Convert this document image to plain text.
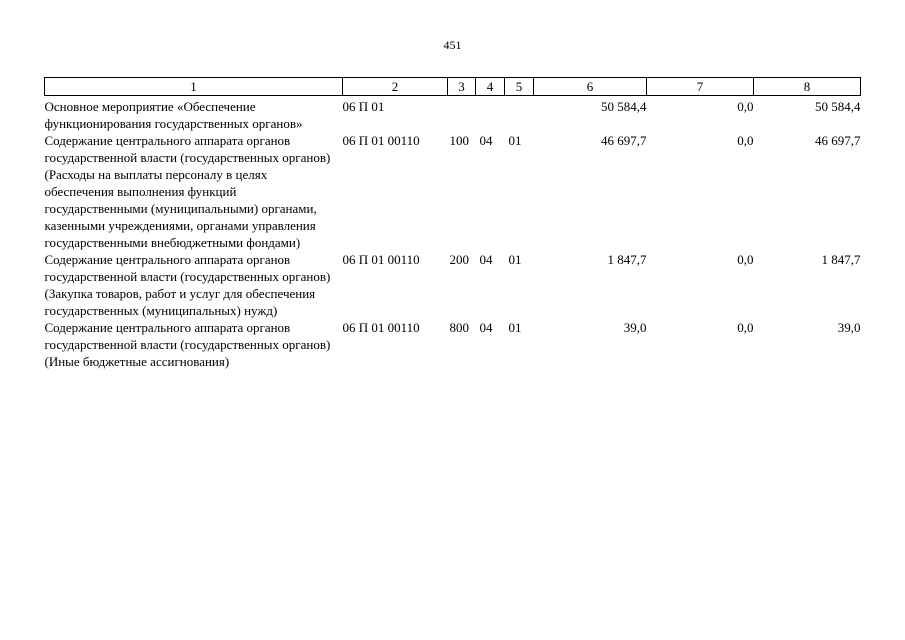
451
1	2	3	4	5	6	7	8
Основное мероприятие «Обеспечение функционирования государственных органов»	06 П 01				50 584,4	0,0	50 584,4
Содержание центрального аппарата органов государственной власти (государственных органов) (Расходы на выплаты персоналу в целях обеспечения выполнения функций государственными (муниципальными) органами, казенными учреждениями, органами управления государственными внебюджетными фондами)	06 П 01 00110	100	04	01	46 697,7	0,0	46 697,7
Содержание центрального аппарата органов государственной власти (государственных органов) (Закупка товаров, работ и услуг для обеспечения государственных (муниципальных) нужд)	06 П 01 00110	200	04	01	1 847,7	0,0	1 847,7
Содержание центрального аппарата органов государственной власти (государственных органов) (Иные бюджетные ассигнования)	06 П 01 00110	800	04	01	39,0	0,0	39,0
